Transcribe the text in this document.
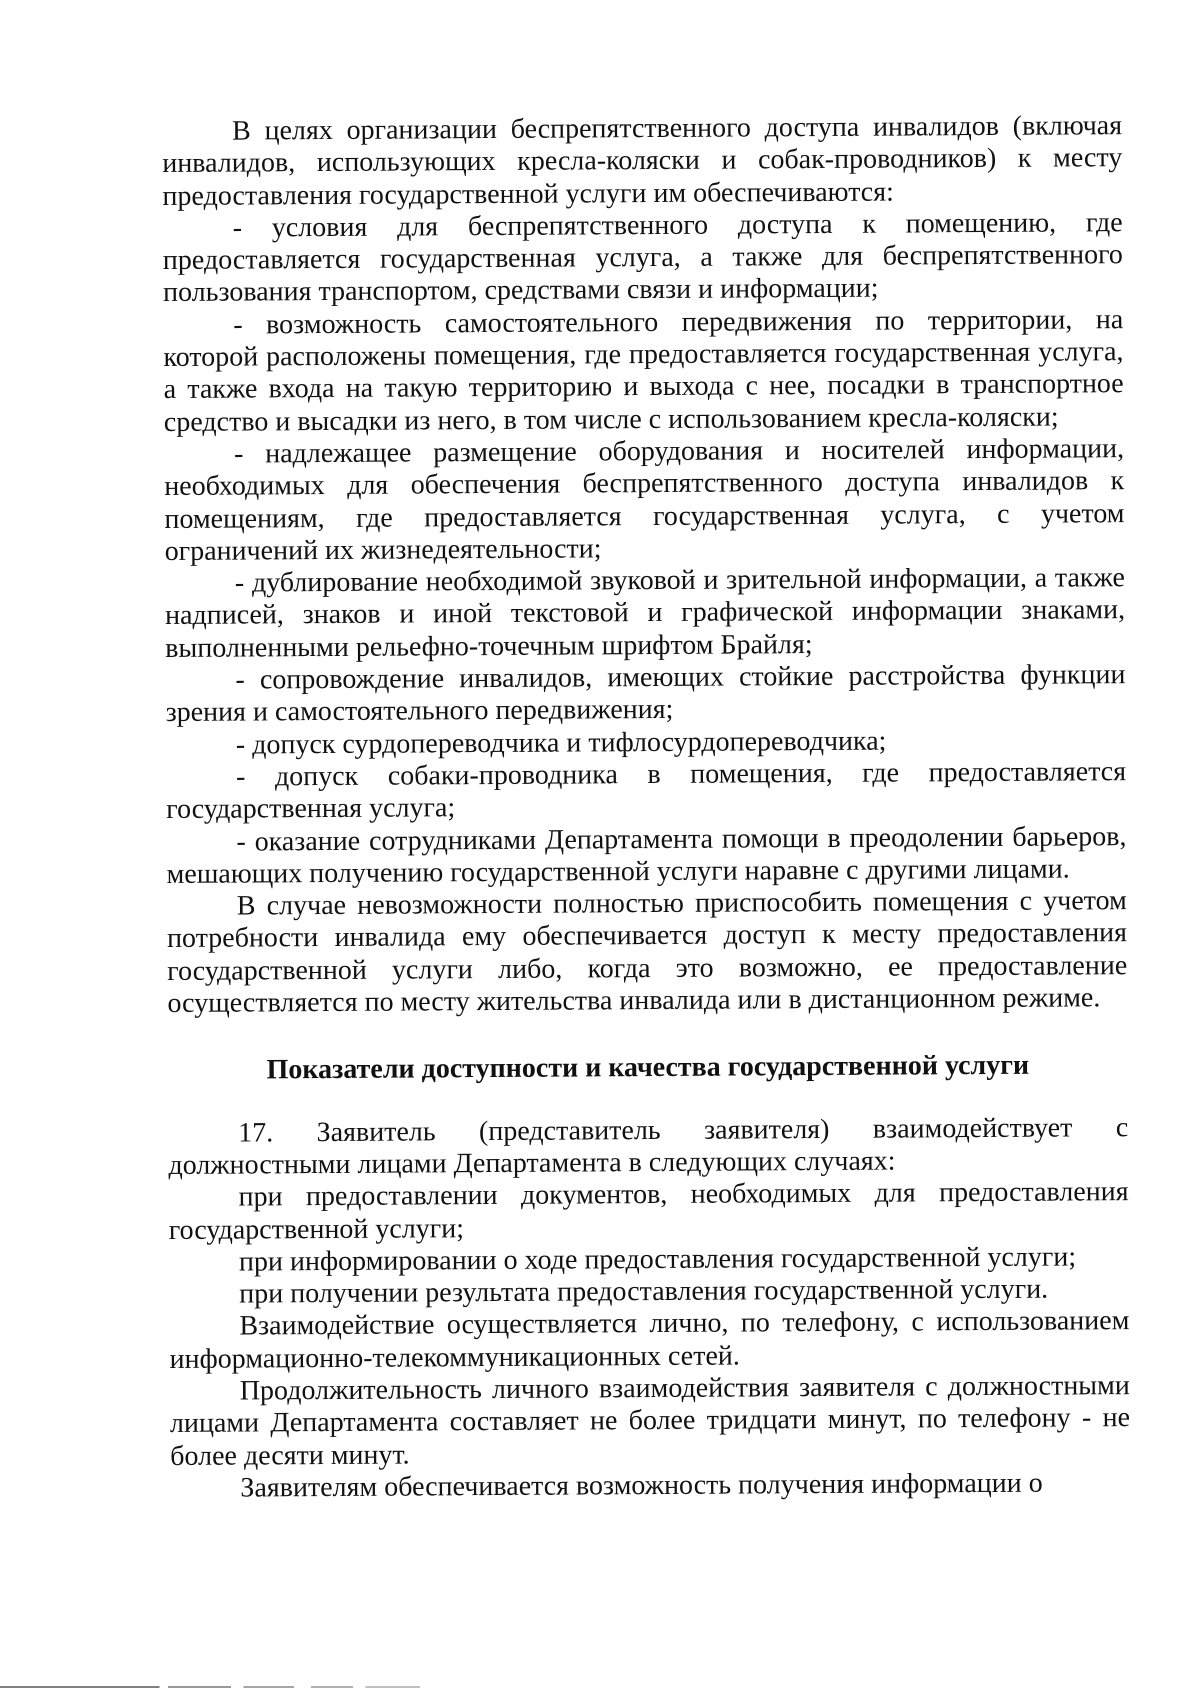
В целях организации беспрепятственного доступа инвалидов (включая инвалидов, использующих кресла-коляски и собак-проводников) к месту предоставления государственной услуги им обеспечиваются:

- условия для беспрепятственного доступа к помещению, где предоставляется государственная услуга, а также для беспрепятственного пользования транспортом, средствами связи и информации;

- возможность самостоятельного передвижения по территории, на которой расположены помещения, где предоставляется государственная услуга, а также входа на такую территорию и выхода с нее, посадки в транспортное средство и высадки из него, в том числе с использованием кресла-коляски;

- надлежащее размещение оборудования и носителей информации, необходимых для обеспечения беспрепятственного доступа инвалидов к помещениям, где предоставляется государственная услуга, с учетом ограничений их жизнедеятельности;

- дублирование необходимой звуковой и зрительной информации, а также надписей, знаков и иной текстовой и графической информации знаками, выполненными рельефно-точечным шрифтом Брайля;

- сопровождение инвалидов, имеющих стойкие расстройства функции зрения и самостоятельного передвижения;

- допуск сурдопереводчика и тифлосурдопереводчика;

- допуск собаки-проводника в помещения, где предоставляется государственная услуга;

- оказание сотрудниками Департамента помощи в преодолении барьеров, мешающих получению государственной услуги наравне с другими лицами.

В случае невозможности полностью приспособить помещения с учетом потребности инвалида ему обеспечивается доступ к месту предоставления государственной услуги либо, когда это возможно, ее предоставление осуществляется по месту жительства инвалида или в дистанционном режиме.

Показатели доступности и качества государственной услуги

17. Заявитель (представитель заявителя) взаимодействует с должностными лицами Департамента в следующих случаях:

при предоставлении документов, необходимых для предоставления государственной услуги;

при информировании о ходе предоставления государственной услуги;

при получении результата предоставления государственной услуги.

Взаимодействие осуществляется лично, по телефону, с использованием информационно-телекоммуникационных сетей.

Продолжительность личного взаимодействия заявителя с должностными лицами Департамента составляет не более тридцати минут, по телефону - не более десяти минут.

Заявителям обеспечивается возможность получения информации о
